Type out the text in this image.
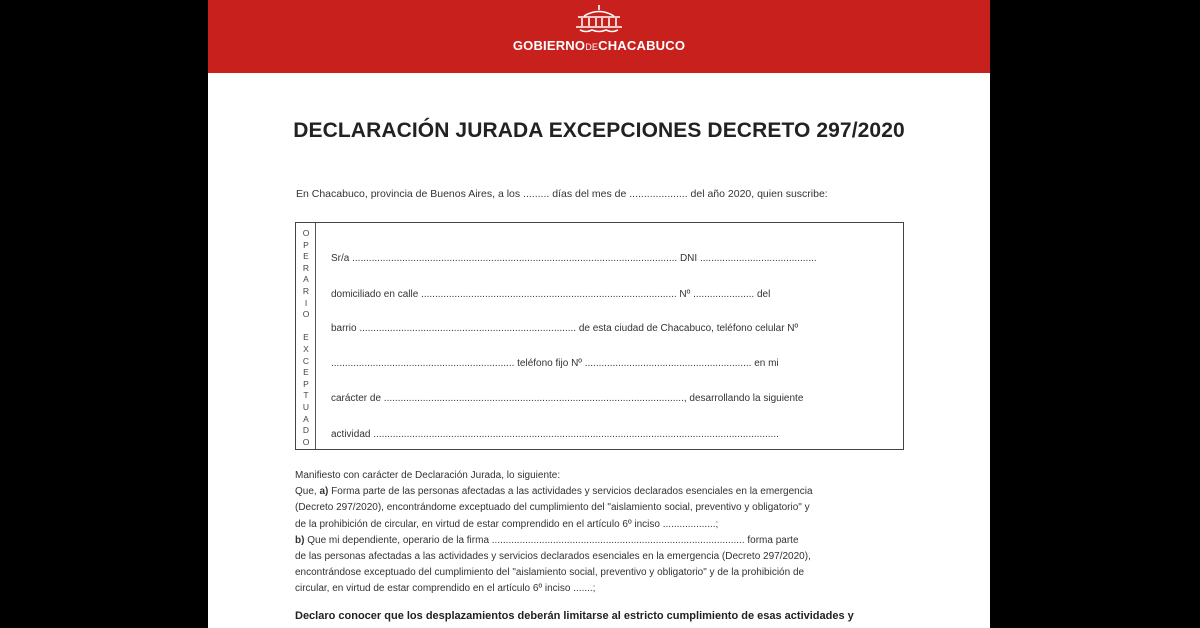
GOBIERNODECHACABUCO
DECLARACIÓN JURADA EXCEPCIONES DECRETO 297/2020
En Chacabuco, provincia de Buenos Aires, a los ......... días del mes de .................... del año 2020, quien suscribe:
O
P
E
R
A
R
I
O
E
X
C
E
P
T
U
A
D
O
Sr/a ..................................................................................................................... DNI ..........................................
domiciliado en calle ............................................................................................ Nº ...................... del
barrio .............................................................................. de esta ciudad de Chacabuco, teléfono celular Nº
.................................................................. teléfono fijo Nº ............................................................ en mi
carácter de ............................................................................................................, desarrollando la siguiente
actividad ..................................................................................................................................................

Manifiesto con carácter de Declaración Jurada, lo siguiente:

Que, a) Forma parte de las personas afectadas a las actividades y servicios declarados esenciales en la emergencia

(Decreto 297/2020), encontrándome exceptuado del cumplimiento del "aislamiento social, preventivo y obligatorio" y

de la prohibición de circular, en virtud de estar comprendido en el artículo 6º inciso ...................;

b) Que mi dependiente, operario de la firma ........................................................................................... forma parte

de las personas afectadas a las actividades y servicios declarados esenciales en la emergencia (Decreto 297/2020),

encontrándose exceptuado del cumplimiento del "aislamiento social, preventivo y obligatorio" y de la prohibición de

circular, en virtud de estar comprendido en el artículo 6º inciso .......;

Declaro conocer que los desplazamientos deberán limitarse al estricto cumplimiento de esas actividades y
